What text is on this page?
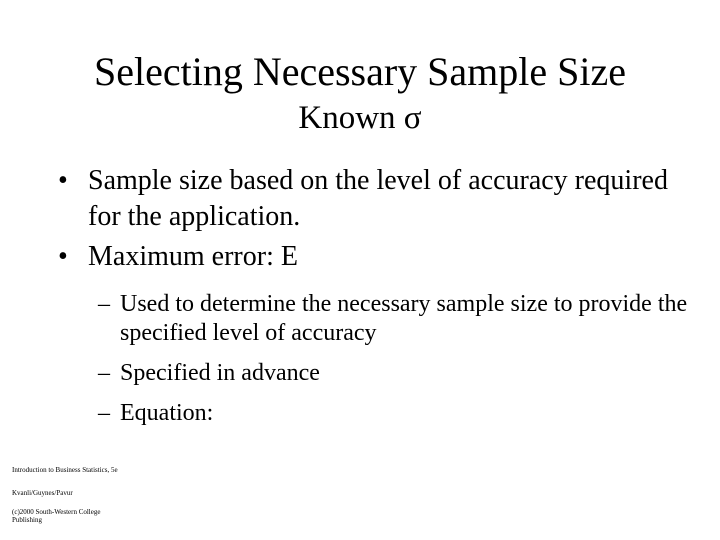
Selecting Necessary Sample Size
Known σ
• Sample size based on the level of accuracy required for the application.
• Maximum error: E
– Used to determine the necessary sample size to provide the specified level of accuracy
– Specified in advance
– Equation:
Introduction to Business Statistics, 5e
Kvanli/Guynes/Pavur
(c)2000 South-Western College Publishing
